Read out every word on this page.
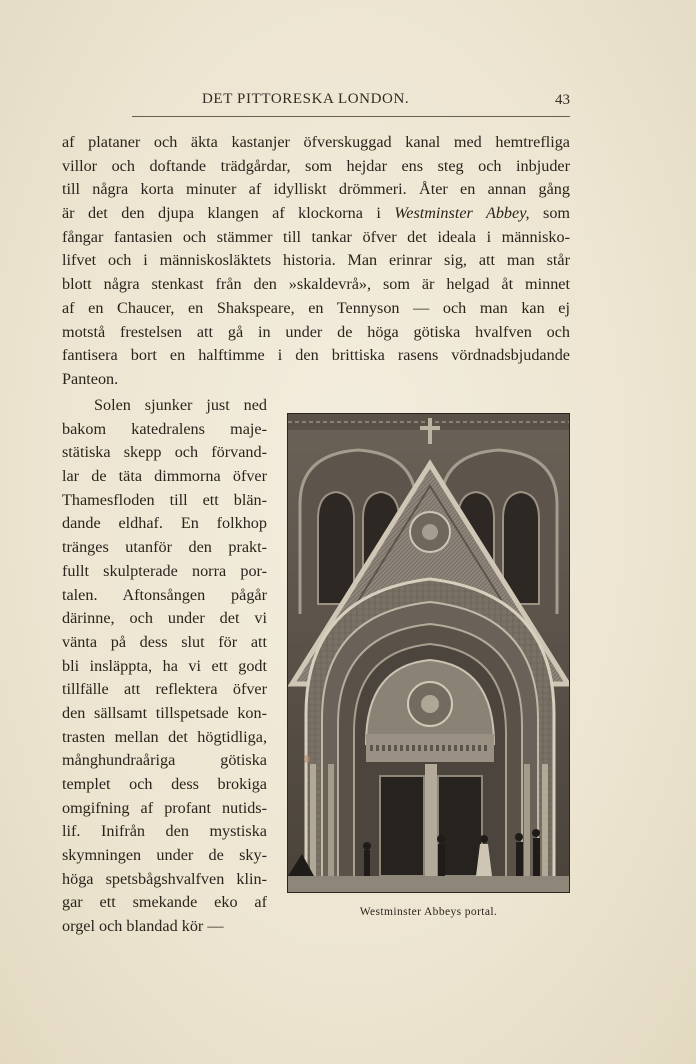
DET PITTORESKA LONDON.	43
af plataner och äkta kastanjer öfverskuggad kanal med hemtrefliga
villor och doftande trädgårdar, som hejdar ens steg och inbjuder
till några korta minuter af idylliskt drömmeri. Åter en annan gång
är det den djupa klangen af klockorna i Westminster Abbey, som
fångar fantasien och stämmer till tankar öfver det ideala i människo-
lifvet och i människosläktets historia. Man erinrar sig, att man står
blott några stenkast från den »skaldevrå», som är helgad åt minnet
af en Chaucer, en Shakspeare, en Tennyson — och man kan ej
motstå frestelsen att gå in under de höga götiska hvalfven och
fantisera bort en halftimme i den brittiska rasens vördnadsbjudande
Panteon.
Solen sjunker just ned
bakom katedralens maje-
stätiska skepp och förvand-
lar de täta dimmorna öfver
Thamesfloden till ett blän-
dande eldhaf. En folkhop
tränges utanför den prakt-
fullt skulpterade norra por-
talen. Aftonsången pågår
därinne, och under det vi
vänta på dess slut för att
bli insläppta, ha vi ett godt
tillfälle att reflektera öfver
den sällsamt tillspetsade kon-
trasten mellan det högtidliga,
månghundraåriga götiska
templet och dess brokiga
omgifning af profant nutids-
lif. Inifrån den mystiska
skymningen under de sky-
höga spetsbågshvalfven klin-
gar ett smekande eko af
orgel och blandad kör —
Westminster Abbeys portal.
